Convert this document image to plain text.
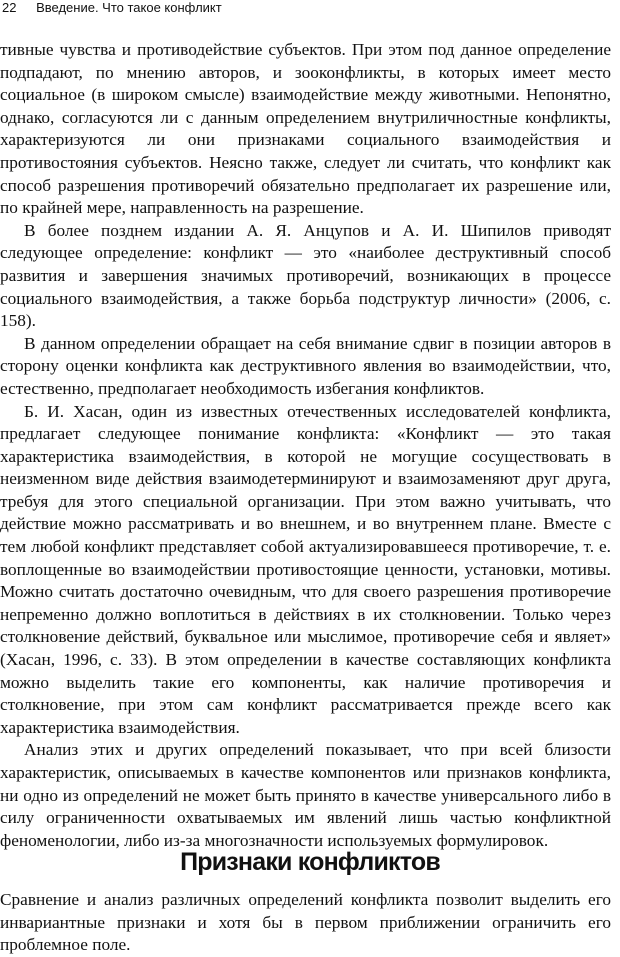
22 Введение. Что такое конфликт

тивные чувства и противодействие субъектов. При этом под данное определение подпадают, по мнению авторов, и зооконфликты, в которых имеет место социальное (в широком смысле) взаимодействие между животными. Непонятно, однако, согласуются ли с данным определением внутриличностные конфликты, характеризуются ли они признаками социального взаимодействия и противостояния субъектов. Неясно также, следует ли считать, что конфликт как способ разрешения противоречий обязательно предполагает их разрешение или, по крайней мере, направленность на разрешение.

В более позднем издании А. Я. Анцупов и А. И. Шипилов приводят следующее определение: конфликт — это «наиболее деструктивный способ развития и завершения значимых противоречий, возникающих в процессе социального взаимодействия, а также борьба подструктур личности» (2006, с. 158).

В данном определении обращает на себя внимание сдвиг в позиции авторов в сторону оценки конфликта как деструктивного явления во взаимодействии, что, естественно, предполагает необходимость избегания конфликтов.

Б. И. Хасан, один из известных отечественных исследователей конфликта, предлагает следующее понимание конфликта: «Конфликт — это такая характеристика взаимодействия, в которой не могущие сосуществовать в неизменном виде действия взаимодетерминируют и взаимозаменяют друг друга, требуя для этого специальной организации. При этом важно учитывать, что действие можно рассматривать и во внешнем, и во внутреннем плане. Вместе с тем любой конфликт представляет собой актуализировавшееся противоречие, т. е. воплощенные во взаимодействии противостоящие ценности, установки, мотивы. Можно считать достаточно очевидным, что для своего разрешения противоречие непременно должно воплотиться в действиях в их столкновении. Только через столкновение действий, буквальное или мыслимое, противоречие себя и являет» (Хасан, 1996, с. 33). В этом определении в качестве составляющих конфликта можно выделить такие его компоненты, как наличие противоречия и столкновение, при этом сам конфликт рассматривается прежде всего как характеристика взаимодействия.

Анализ этих и других определений показывает, что при всей близости характеристик, описываемых в качестве компонентов или признаков конфликта, ни одно из определений не может быть принято в качестве универсального либо в силу ограниченности охватываемых им явлений лишь частью конфликтной феноменологии, либо из-за многозначности используемых формулировок.

Признаки конфликтов

Сравнение и анализ различных определений конфликта позволит выделить его инвариантные признаки и хотя бы в первом приближении ограничить его проблемное поле.
